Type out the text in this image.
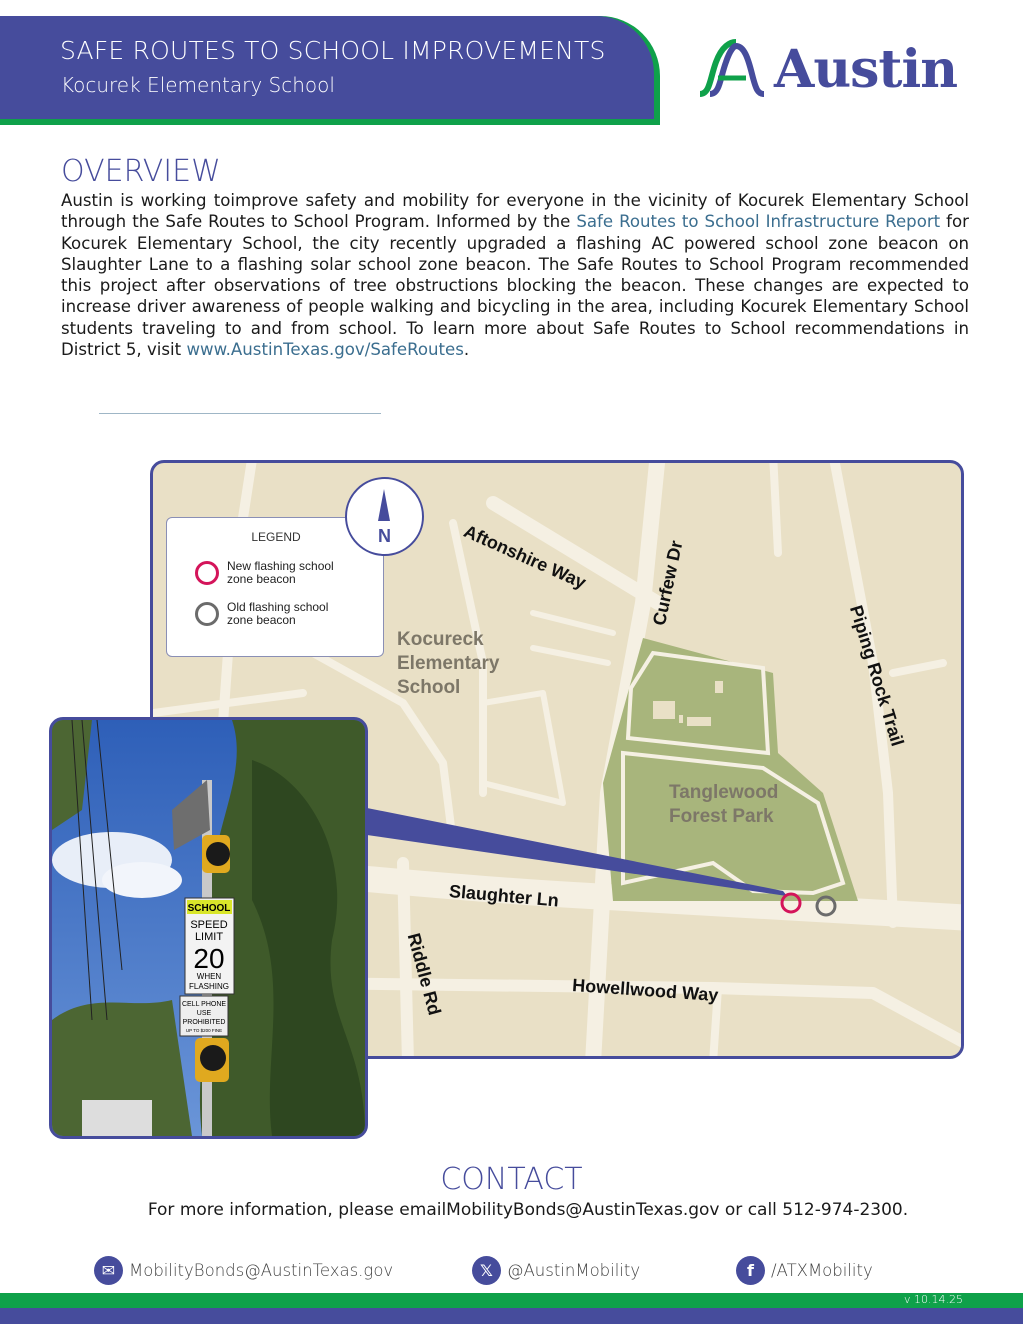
SAFE ROUTES TO SCHOOL IMPROVEMENTS
Kocurek Elementary School	Austin
OVERVIEW

Austin is working toimprove safety and mobility for everyone in the vicinity of Kocurek Elementary School through the Safe Routes to School Program. Informed by the Safe Routes to School Infrastructure Report for Kocurek Elementary School, the city recently upgraded a flashing AC powered school zone beacon on Slaughter Lane to a flashing solar school zone beacon. The Safe Routes to School Program recommended this project after observations of tree obstructions blocking the beacon. These changes are expected to increase driver awareness of people walking and bicycling in the area, including Kocurek Elementary School students traveling to and from school. To learn more about Safe Routes to School recommendations in District 5, visit www.AustinTexas.gov/SafeRoutes.

Aftonshire Way	Curfew Dr
Piping Rock Trail
Slaughter Ln
Riddle Rd	Howellwood Way
Kocureck Elementary School
Tanglewood Forest Park
LEGEND
New flashing school zone beacon
Old flashing school zone beacon
N
SCHOOL
SPEED
LIMIT
20
WHEN
FLASHING
CELL PHONE
USE
PROHIBITED
UP TO $200 FINE
CONTACT
For more information, please emailMobilityBonds@AustinTexas.gov or call 512-974-2300.
✉ MobilityBonds@AustinTexas.gov	𝕏 @AustinMobility	f	/ATXMobility
v 10.14.25
